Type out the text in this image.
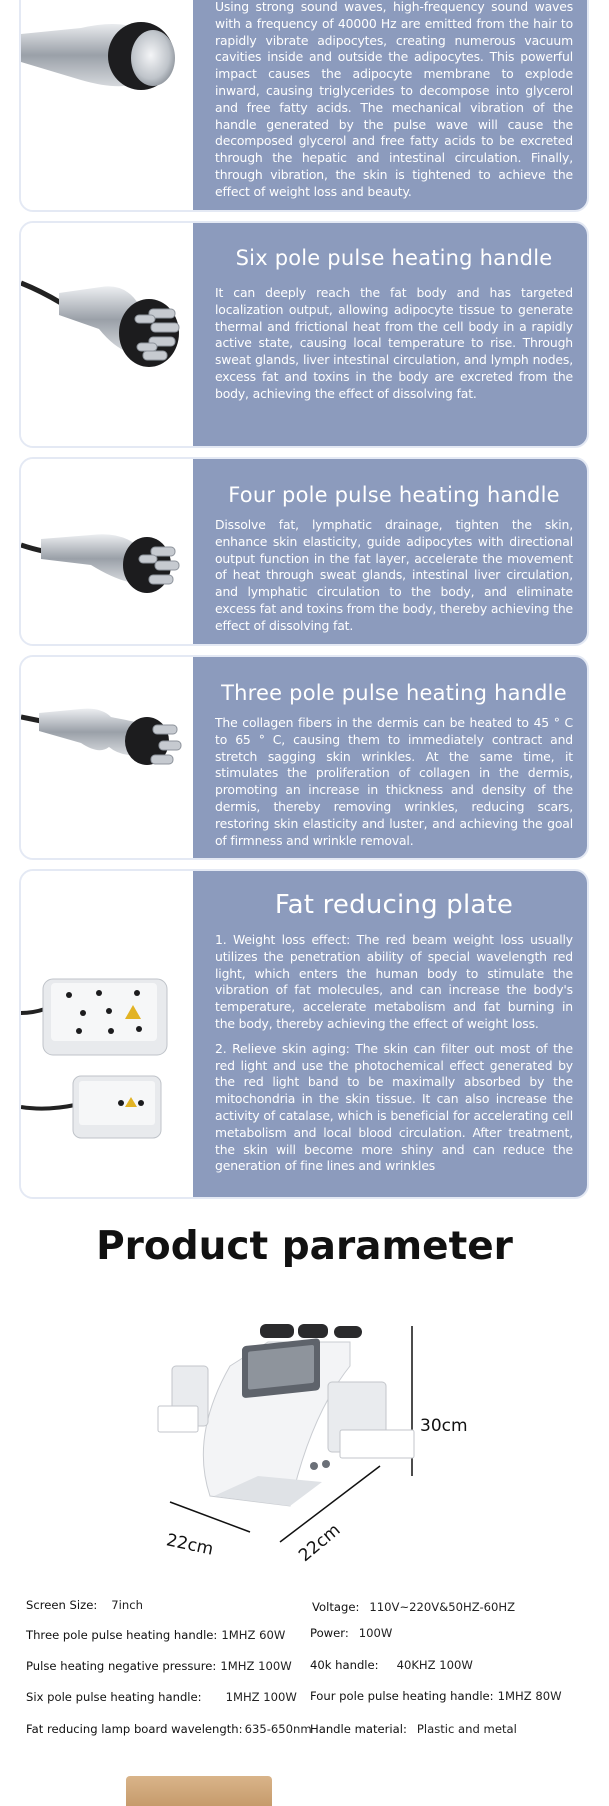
Using strong sound waves, high-frequency sound waves with a frequency of 40000 Hz are emitted from the hair to rapidly vibrate adipocytes, creating numerous vacuum cavities inside and outside the adipocytes. This powerful impact causes the adipocyte membrane to explode inward, causing triglycerides to decompose into glycerol and free fatty acids. The mechanical vibration of the handle generated by the pulse wave will cause the decomposed glycerol and free fatty acids to be excreted through the hepatic and intestinal circulation. Finally, through vibration, the skin is tightened to achieve the effect of weight loss and beauty.

Six pole pulse heating handle

It can deeply reach the fat body and has targeted localization output, allowing adipocyte tissue to generate thermal and frictional heat from the cell body in a rapidly active state, causing local temperature to rise. Through sweat glands, liver intestinal circulation, and lymph nodes, excess fat and toxins in the body are excreted from the body, achieving the effect of dissolving fat.

Four pole pulse heating handle

Dissolve fat, lymphatic drainage, tighten the skin, enhance skin elasticity, guide adipocytes with directional output function in the fat layer, accelerate the movement of heat through sweat glands, intestinal liver circulation, and lymphatic circulation to the body, and eliminate excess fat and toxins from the body, thereby achieving the effect of dissolving fat.

Three pole pulse heating handle

The collagen fibers in the dermis can be heated to 45 ° C to 65 ° C, causing them to immediately contract and stretch sagging skin wrinkles. At the same time, it stimulates the proliferation of collagen in the dermis, promoting an increase in thickness and density of the dermis, thereby removing wrinkles, reducing scars, restoring skin elasticity and luster, and achieving the goal of firmness and wrinkle removal.

Fat reducing plate

1. Weight loss effect: The red beam weight loss usually utilizes the penetration ability of special wavelength red light, which enters the human body to stimulate the vibration of fat molecules, and can increase the body's temperature, accelerate metabolism and fat burning in the body, thereby achieving the effect of weight loss.

2. Relieve skin aging: The skin can filter out most of the red light and use the photochemical effect generated by the red light band to be maximally absorbed by the mitochondria in the skin tissue. It can also increase the activity of catalase, which is beneficial for accelerating cell metabolism and local blood circulation. After treatment, the skin will become more shiny and can reduce the generation of fine lines and wrinkles

Product parameter
30cm
22cm	22cm
Screen Size: 7inch	Voltage: 110V~220V&50HZ-60HZ
Three pole pulse heating handle: 1MHZ 60W Power: 100W
Pulse heating negative pressure: 1MHZ 100W 40k handle: 40KHZ 100W
Six pole pulse heating handle: 1MHZ 100W Four pole pulse heating handle: 1MHZ 80W
Fat reducing lamp board wavelength: 635-650nm
Handle material: Plastic and metal
